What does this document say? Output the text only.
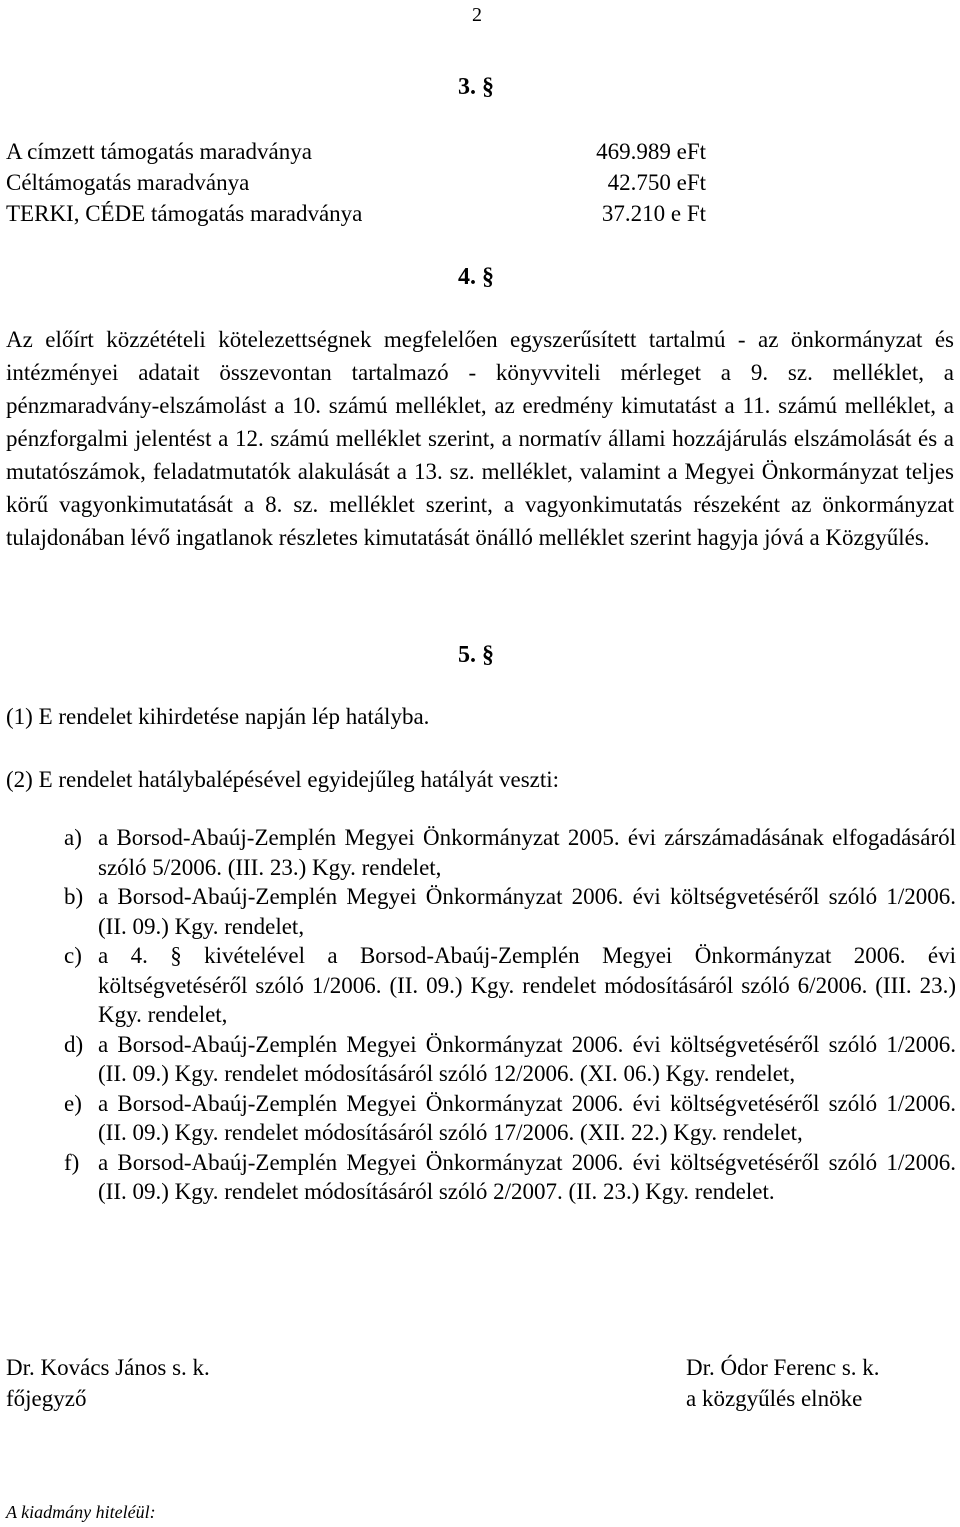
2
3. §
A címzett támogatás maradványa	469.989 eFt
Céltámogatás maradványa	42.750 eFt
TERKI, CÉDE támogatás maradványa	37.210 e Ft
4. §
Az előírt közzétételi kötelezettségnek megfelelően egyszerűsített tartalmú - az önkormányzat és intézményei adatait összevontan tartalmazó - könyvviteli mérleget a 9. sz. melléklet, a pénzmaradvány-elszámolást a 10. számú melléklet, az eredmény kimutatást a 11. számú melléklet, a pénzforgalmi jelentést a 12. számú melléklet szerint, a normatív állami hozzájárulás elszámolását és a mutatószámok, feladatmutatók alakulását a 13. sz. melléklet, valamint a Megyei Önkormányzat teljes körű vagyonkimutatását a 8. sz. melléklet szerint, a vagyonkimutatás részeként az önkormányzat tulajdonában lévő ingatlanok részletes kimutatását önálló melléklet szerint hagyja jóvá a Közgyűlés.
5. §
(1) E rendelet kihirdetése napján lép hatályba.
(2) E rendelet hatálybalépésével egyidejűleg hatályát veszti:
a) a Borsod-Abaúj-Zemplén Megyei Önkormányzat 2005. évi zárszámadásának elfogadásáról szóló 5/2006. (III. 23.) Kgy. rendelet,
b) a Borsod-Abaúj-Zemplén Megyei Önkormányzat 2006. évi költségvetéséről szóló 1/2006. (II. 09.) Kgy. rendelet,
c) a 4. § kivételével a Borsod-Abaúj-Zemplén Megyei Önkormányzat 2006. évi költségvetéséről szóló 1/2006. (II. 09.) Kgy. rendelet módosításáról szóló 6/2006. (III. 23.) Kgy. rendelet,
d) a Borsod-Abaúj-Zemplén Megyei Önkormányzat 2006. évi költségvetéséről szóló 1/2006. (II. 09.) Kgy. rendelet módosításáról szóló 12/2006. (XI. 06.) Kgy. rendelet,
e) a Borsod-Abaúj-Zemplén Megyei Önkormányzat 2006. évi költségvetéséről szóló 1/2006. (II. 09.) Kgy. rendelet módosításáról szóló 17/2006. (XII. 22.) Kgy. rendelet,
f) a Borsod-Abaúj-Zemplén Megyei Önkormányzat 2006. évi költségvetéséről szóló 1/2006. (II. 09.) Kgy. rendelet módosításáról szóló 2/2007. (II. 23.) Kgy. rendelet.
Dr. Kovács János s. k.
főjegyző
Dr. Ódor Ferenc s. k.
a közgyűlés elnöke
A kiadmány hiteléül:
